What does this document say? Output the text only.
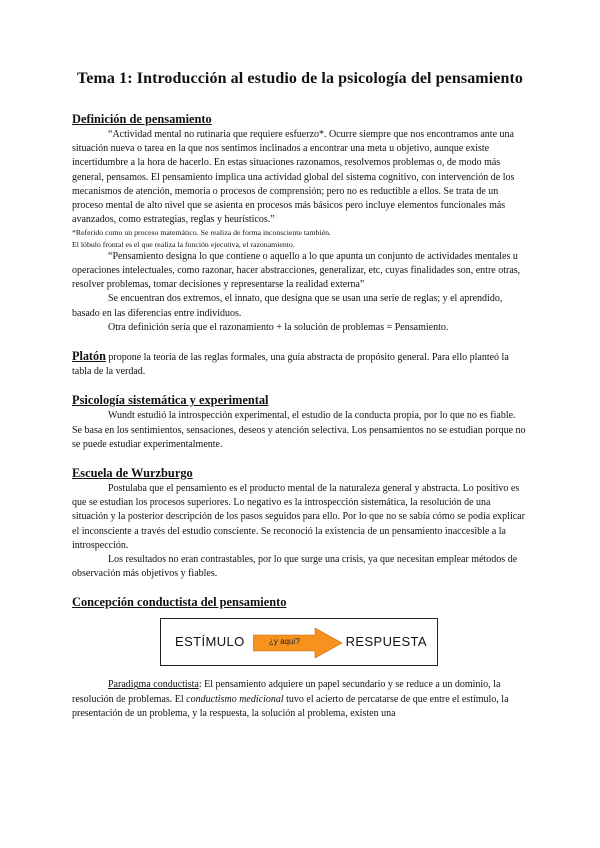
Tema 1: Introducción al estudio de la psicología del pensamiento
Definición de pensamiento

“Actividad mental no rutinaria que requiere esfuerzo*. Ocurre siempre que nos encontramos ante una situación nueva o tarea en la que nos sentimos inclinados a encontrar una meta u objetivo, aunque existe incertidumbre a la hora de hacerlo. En estas situaciones razonamos, resolvemos problemas o, de modo más general, pensamos. El pensamiento implica una actividad global del sistema cognitivo, con intervención de los mecanismos de atención, memoria o procesos de comprensión; pero no es reductible a ellos. Se trata de un proceso mental de alto nivel que se asienta en procesos más básicos pero incluye elementos funcionales más avanzados, como estrategias, reglas y heurísticos.”

*Referido como un proceso matemático. Se realiza de forma inconsciente también.

El lóbulo frontal es el que realiza la función ejecutiva, el razonamiento.

“Pensamiento designa lo que contiene o aquello a lo que apunta un conjunto de actividades mentales u operaciones intelectuales, como razonar, hacer abstracciones, generalizar, etc, cuyas finalidades son, entre otras, resolver problemas, tomar decisiones y representarse la realidad externa”

Se encuentran dos extremos, el innato, que designa que se usan una serie de reglas; y el aprendido, basado en las diferencias entre individuos.

Otra definición sería que el razonamiento + la solución de problemas = Pensamiento.

Platón propone la teoría de las reglas formales, una guía abstracta de propósito general. Para ello planteó la tabla de la verdad.

Psicología sistemática y experimental

Wundt estudió la introspección experimental, el estudio de la conducta propia, por lo que no es fiable. Se basa en los sentimientos, sensaciones, deseos y atención selectiva. Los pensamientos no se estudian porque no se puede estudiar experimentalmente.

Escuela de Wurzburgo

Postulaba que el pensamiento es el producto mental de la naturaleza general y abstracta. Lo positivo es que se estudian los procesos superiores. Lo negativo es la introspección sistemática, la resolución de una situación y la posterior descripción de los pasos seguidos para ello. Por lo que no se sabía cómo se podía explicar el inconsciente a través del estudio consciente. Se reconoció la existencia de un pensamiento inaccesible a la introspección.

Los resultados no eran contrastables, por lo que surge una crisis, ya que necesitan emplear métodos de observación más objetivos y fiables.

Concepción conductista del pensamiento
ESTÍMULO	¿y aquí?	RESPUESTA

Paradigma conductista: El pensamiento adquiere un papel secundario y se reduce a un dominio, la resolución de problemas. El conductismo medicional tuvo el acierto de percatarse de que entre el estímulo, la presentación de un problema, y la respuesta, la solución al problema, existen una
